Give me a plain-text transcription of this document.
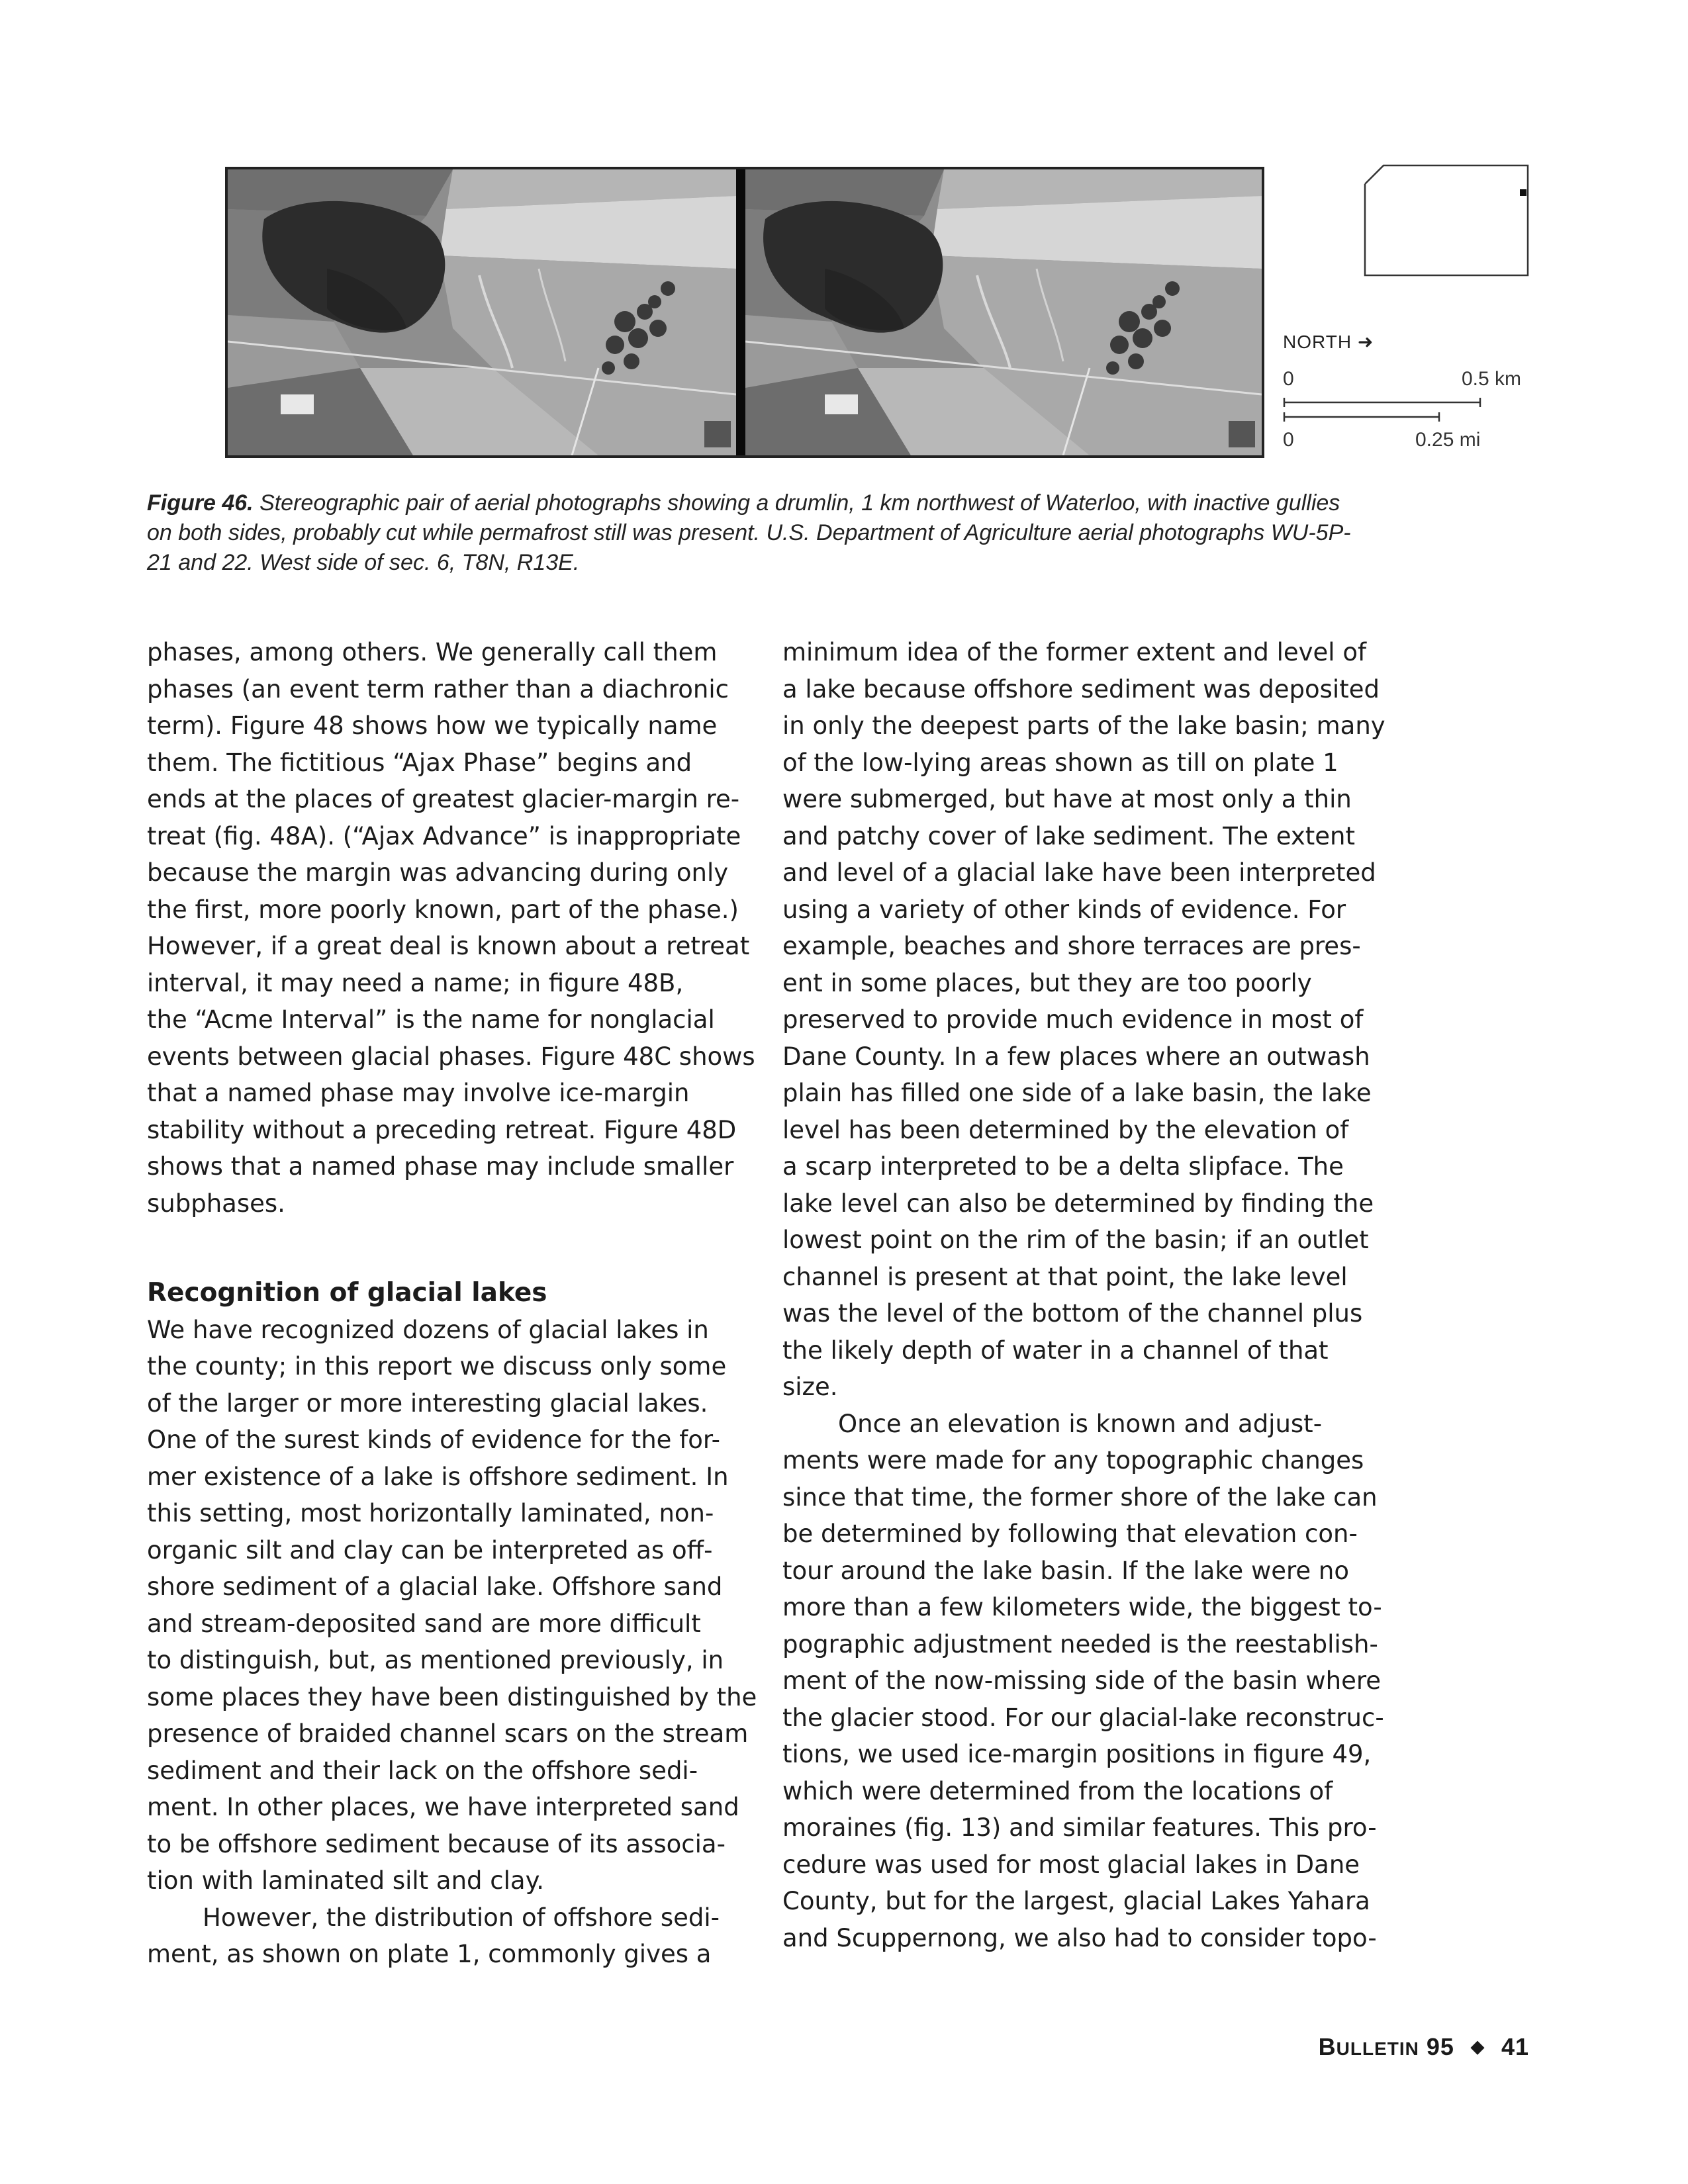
NORTH ➜
0	0.5 km
0	0.25 mi
Figure 46. Stereographic pair of aerial photographs showing a drumlin, 1 km northwest of Waterloo, with inactive gullies on both sides, probably cut while permafrost still was present. U.S. Department of Agriculture aerial photographs WU-5P-21 and 22. West side of sec. 6, T8N, R13E.
phases, among others. We generally call them
phases (an event term rather than a diachronic
term). Figure 48 shows how we typically name
them. The fictitious “Ajax Phase” begins and
ends at the places of greatest glacier-margin re-
treat (fig. 48A). (“Ajax Advance” is inappropriate
because the margin was advancing during only
the first, more poorly known, part of the phase.)
However, if a great deal is known about a retreat
interval, it may need a name; in figure 48B,
the “Acme Interval” is the name for nonglacial
events between glacial phases. Figure 48C shows
that a named phase may involve ice-margin
stability without a preceding retreat. Figure 48D
shows that a named phase may include smaller
subphases.
Recognition of glacial lakes
We have recognized dozens of glacial lakes in
the county; in this report we discuss only some
of the larger or more interesting glacial lakes.
One of the surest kinds of evidence for the for-
mer existence of a lake is offshore sediment. In
this setting, most horizontally laminated, non-
organic silt and clay can be interpreted as off-
shore sediment of a glacial lake. Offshore sand
and stream-deposited sand are more difficult
to distinguish, but, as mentioned previously, in
some places they have been distinguished by the
presence of braided channel scars on the stream
sediment and their lack on the offshore sedi-
ment. In other places, we have interpreted sand
to be offshore sediment because of its associa-
tion with laminated silt and clay.
However, the distribution of offshore sedi-
ment, as shown on plate 1, commonly gives a
minimum idea of the former extent and level of
a lake because offshore sediment was deposited
in only the deepest parts of the lake basin; many
of the low-lying areas shown as till on plate 1
were submerged, but have at most only a thin
and patchy cover of lake sediment. The extent
and level of a glacial lake have been interpreted
using a variety of other kinds of evidence. For
example, beaches and shore terraces are pres-
ent in some places, but they are too poorly
preserved to provide much evidence in most of
Dane County. In a few places where an outwash
plain has filled one side of a lake basin, the lake
level has been determined by the elevation of
a scarp interpreted to be a delta slipface. The
lake level can also be determined by finding the
lowest point on the rim of the basin; if an outlet
channel is present at that point, the lake level
was the level of the bottom of the channel plus
the likely depth of water in a channel of that
size.
Once an elevation is known and adjust-
ments were made for any topographic changes
since that time, the former shore of the lake can
be determined by following that elevation con-
tour around the lake basin. If the lake were no
more than a few kilometers wide, the biggest to-
pographic adjustment needed is the reestablish-
ment of the now-missing side of the basin where
the glacier stood. For our glacial-lake reconstruc-
tions, we used ice-margin positions in figure 49,
which were determined from the locations of
moraines (fig. 13) and similar features. This pro-
cedure was used for most glacial lakes in Dane
County, but for the largest, glacial Lakes Yahara
and Scuppernong, we also had to consider topo-
BULLETIN 95 ◆ 41
